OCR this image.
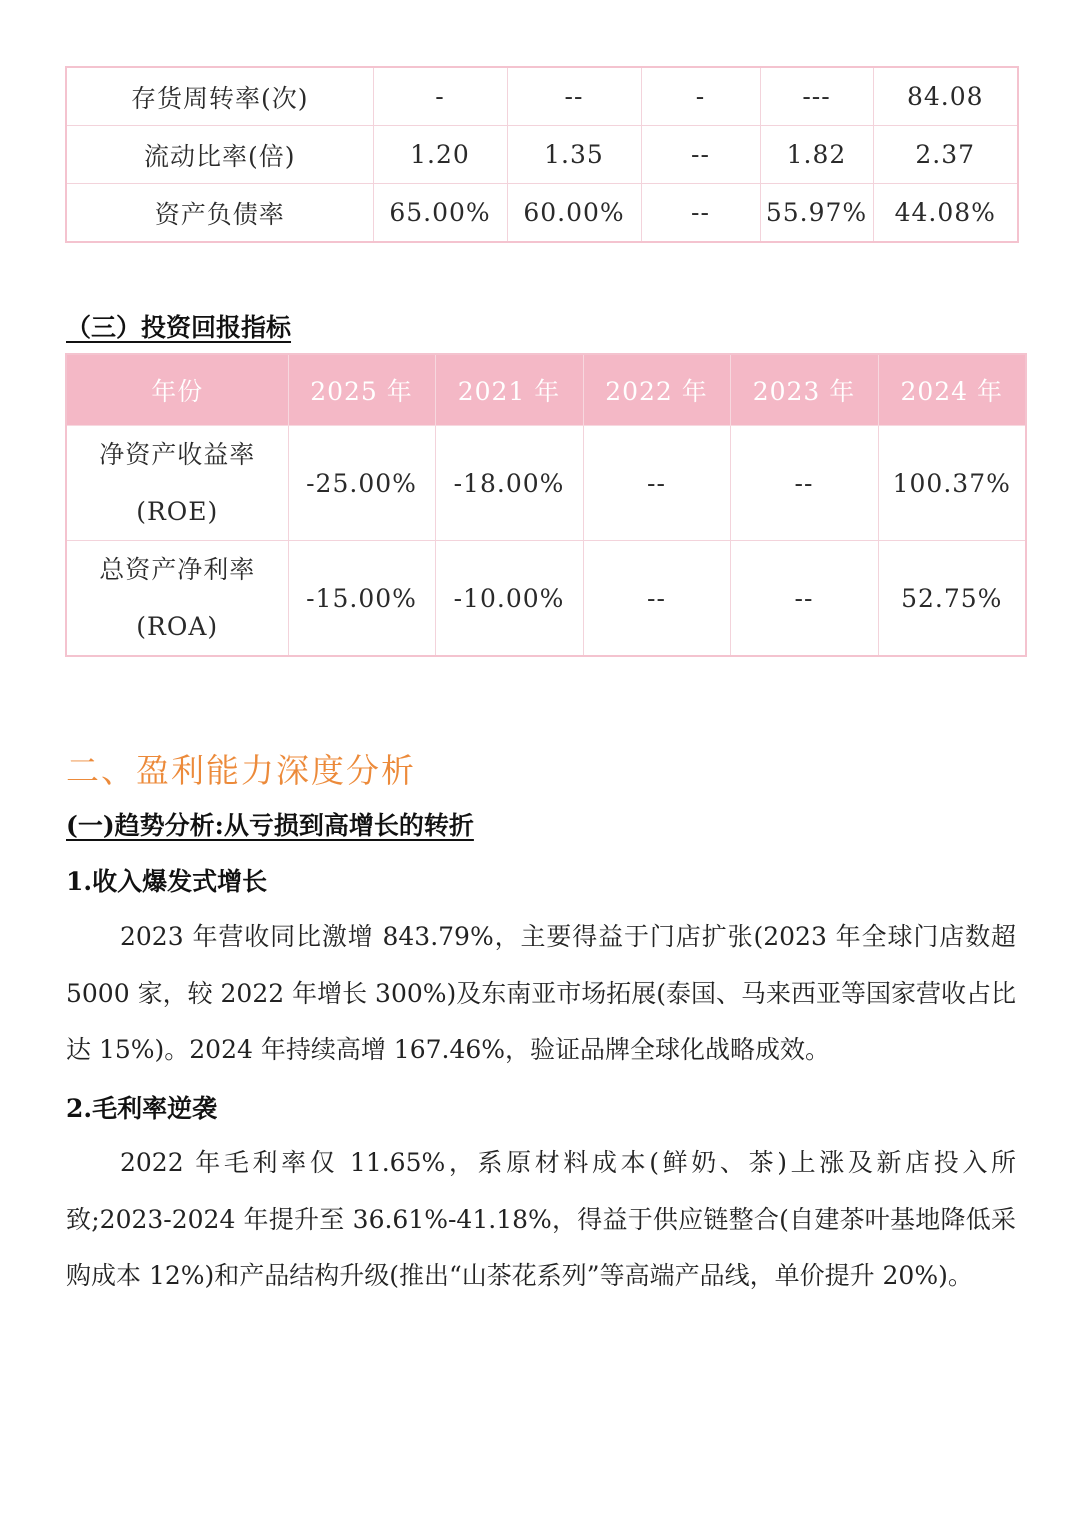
存货周转率(次)	-	--	-	---	84.08
流动比率(倍)	1.20	1.35	--	1.82	2.37
资产负债率	65.00%	60.00%	--	55.97%	44.08%
（三）投资回报指标
年份	2025 年	2021 年	2022 年	2023 年	2024 年

净资产收益率
(ROE)	-25.00%	-18.00%	--	--	100.37%

总资产净利率
(ROA)	-15.00%	-10.00%	--	--	52.75%
二、盈利能力深度分析
(一)趋势分析:从亏损到高增长的转折
1.收入爆发式增长

2023 年营收同比激增 843.79%，主要得益于门店扩张(2023 年全球门店数超 5000 家，较 2022 年增长 300%)及东南亚市场拓展(泰国、马来西亚等国家营收占比达 15%)。2024 年持续高增 167.46%，验证品牌全球化战略成效。

2.毛利率逆袭

2022 年毛利率仅 11.65%，系原材料成本(鲜奶、茶)上涨及新店投入所致;2023-2024 年提升至 36.61%-41.18%，得益于供应链整合(自建茶叶基地降低采购成本 12%)和产品结构升级(推出“山茶花系列”等高端产品线，单价提升 20%)。
